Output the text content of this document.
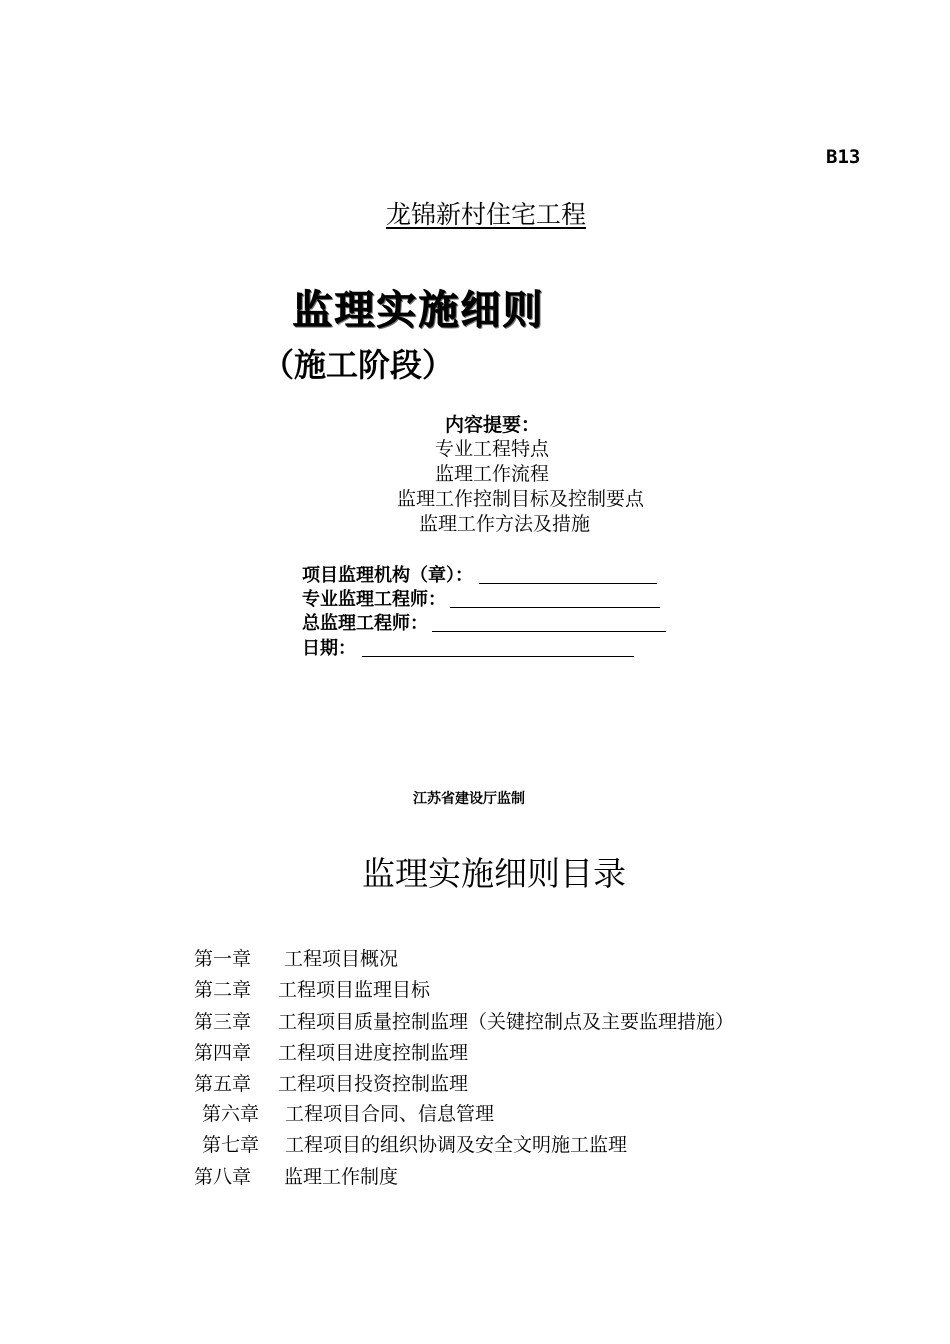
B13
龙锦新村住宅工程
监理实施细则
（施工阶段）
内容提要：
专业工程特点
监理工作流程
监理工作控制目标及控制要点
监理工作方法及措施
项目监理机构（章）：
专业监理工程师：
总监理工程师：
日期：
江苏省建设厅监制
监理实施细则目录
第一章	工程项目概况
第二章	工程项目监理目标
第三章	工程项目质量控制监理（关键控制点及主要监理措施）
第四章	工程项目进度控制监理
第五章	工程项目投资控制监理
第六章	工程项目合同、信息管理
第七章	工程项目的组织协调及安全文明施工监理
第八章	监理工作制度
